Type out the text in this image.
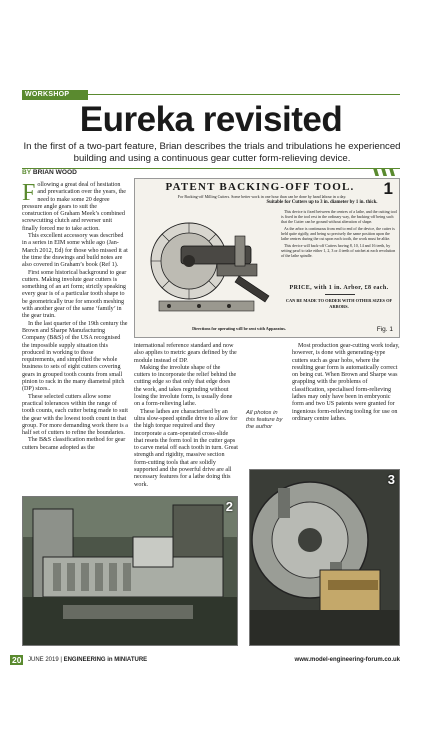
WORKSHOP
Eureka revisited

In the first of a two-part feature, Brian describes the trials and tribulations he experienced building and using a continuous gear cutter form-relieving device.

BY BRIAN WOOD

Following a great deal of hesitation and prevarication over the years, the need to make some 20 degree pressure angle gears to suit the construction of Graham Meek’s combined screwcutting clutch and reverser unit finally forced me to take action.

This excellent accessory was described in a series in EIM some while ago (Jan-March 2012, Ed) for those who missed it at the time the drawings and build notes are also covered in Graham’s book (Ref 1).

First some historical background to gear cutters. Making involute gear cutters is something of an art form; strictly speaking every gear is of a particular tooth shape to be geometrically true for smooth meshing with another gear of the same ‘family’ in the gear train.

In the last quarter of the 19th century the Brown and Sharpe Manufacturing Company (B&S) of the USA recognised the impossible supply situation this produced in working to those requirements, and simplified the whole business to sets of eight cutters covering gears in grouped tooth counts from small pinion to rack in the many diametral pitch (DP) sizes..

These selected cutters allow some practical tolerances within the range of tooth counts, each cutter being made to suit the gear with the lowest tooth count in that group. For more demanding work there is a half set of cutters to refine the boundaries.

The B&S classification method for gear cutters became adopted as the

PATENT BACKING-OFF TOOL.	1
For Backing-off Milling Cutters. Some better work in one hour than can be done by hand labour in a day.
Suitable for Cutters up to 3 in. diameter by 1 in. thick.

This device is fixed between the centres of a lathe, and the cutting tool is fixed in the tool rest in the ordinary way, the backing-off being such that the Cutter can be ground without alteration of shape.

As the arbor is continuous from end to end of the device, the cutter is held quite rigidly, and being so precisely the same position upon the lathe centres during the cut upon each tooth, the work must be alike.

This device will back-off Cutters having 8, 10, 14 and 16 teeth, by setting pawl to take either 1, 2, 3 or 4 teeth of ratchet at each revolution of the lathe spindle.

PRICE, with 1 in. Arbor, £8 each.
CAN BE MADE TO ORDER WITH OTHER SIZES OF ARBORS.
Directions for operating will be sent with Apparatus.	Fig. 1

international reference standard and now also applies to metric gears defined by the module instead of DP.

Making the involute shape of the cutters to incorporate the relief behind the cutting edge so that only that edge does the work, and takes regrinding without losing the involute form, is usually done on a form-relieving lathe.

These lathes are characterised by an ultra slow-speed spindle drive to allow for the high torque required and they incorporate a cam-operated cross-slide that resets the form tool in the cutter gaps to carve metal off each tooth in turn. Great strength and rigidity, massive section form-cutting tools that are solidly supported and the powerful drive are all necessary features for a lathe doing this work.

All photos in this feature by the author

Most production gear-cutting work today, however, is done with generating-type cutters such as gear hobs, where the resulting gear form is automatically correct on being cut. When Brown and Sharpe was grappling with the problems of classification, specialised form-relieving lathes may only have been in embryonic form and two US patents were granted for ingenious form-relieving tooling for use on ordinary centre lathes.

2
3
20	JUNE 2019 | ENGINEERING in MINIATURE	www.model-engineering-forum.co.uk
